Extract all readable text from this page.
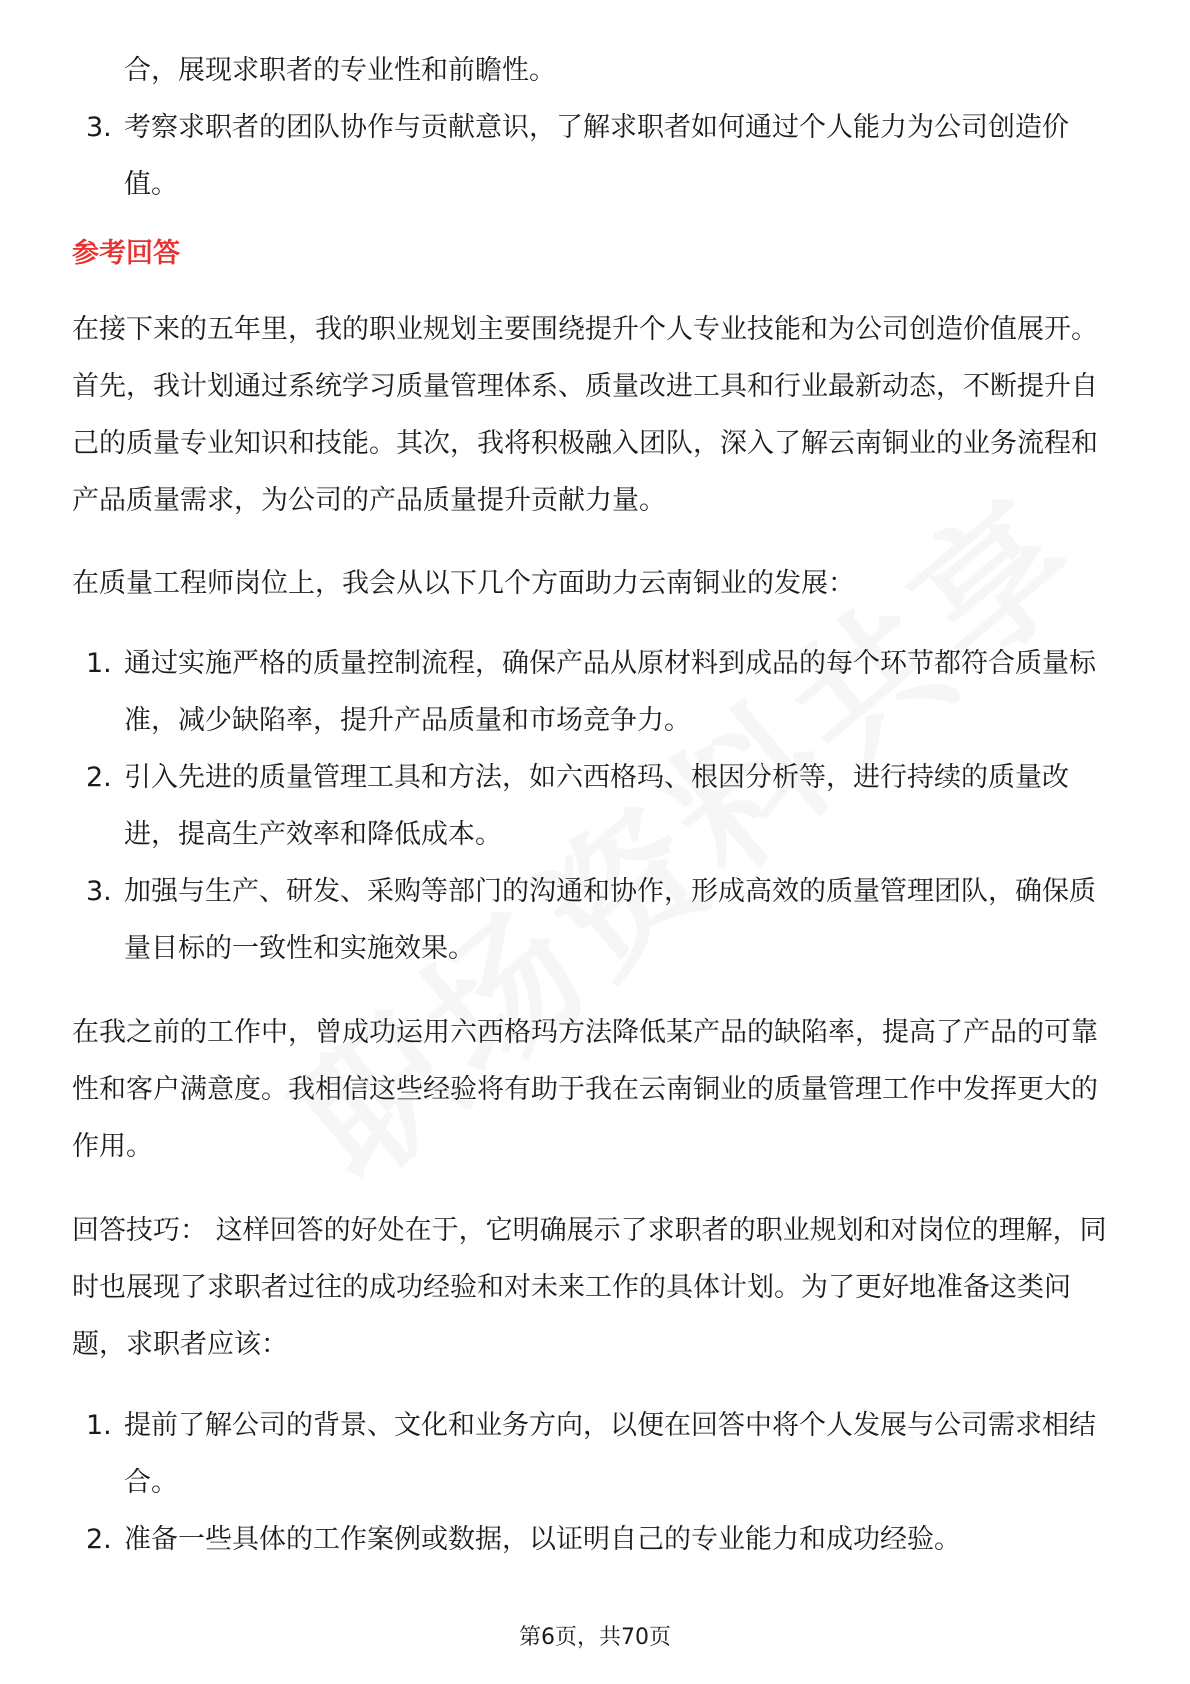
合，展现求职者的专业性和前瞻性。

3. 考察求职者的团队协作与贡献意识，了解求职者如何通过个人能力为公司创造价值。

参考回答

在接下来的五年里，我的职业规划主要围绕提升个人专业技能和为公司创造价值展开。首先，我计划通过系统学习质量管理体系、质量改进工具和行业最新动态，不断提升自己的质量专业知识和技能。其次，我将积极融入团队，深入了解云南铜业的业务流程和产品质量需求，为公司的产品质量提升贡献力量。

在质量工程师岗位上，我会从以下几个方面助力云南铜业的发展：

1. 通过实施严格的质量控制流程，确保产品从原材料到成品的每个环节都符合质量标准，减少缺陷率，提升产品质量和市场竞争力。
2. 引入先进的质量管理工具和方法，如六西格玛、根因分析等，进行持续的质量改进，提高生产效率和降低成本。
3. 加强与生产、研发、采购等部门的沟通和协作，形成高效的质量管理团队，确保质量目标的一致性和实施效果。

在我之前的工作中，曾成功运用六西格玛方法降低某产品的缺陷率，提高了产品的可靠性和客户满意度。我相信这些经验将有助于我在云南铜业的质量管理工作中发挥更大的作用。

回答技巧： 这样回答的好处在于，它明确展示了求职者的职业规划和对岗位的理解，同时也展现了求职者过往的成功经验和对未来工作的具体计划。为了更好地准备这类问题，求职者应该：

1. 提前了解公司的背景、文化和业务方向，以便在回答中将个人发展与公司需求相结合。
2. 准备一些具体的工作案例或数据，以证明自己的专业能力和成功经验。
第6页，共70页
